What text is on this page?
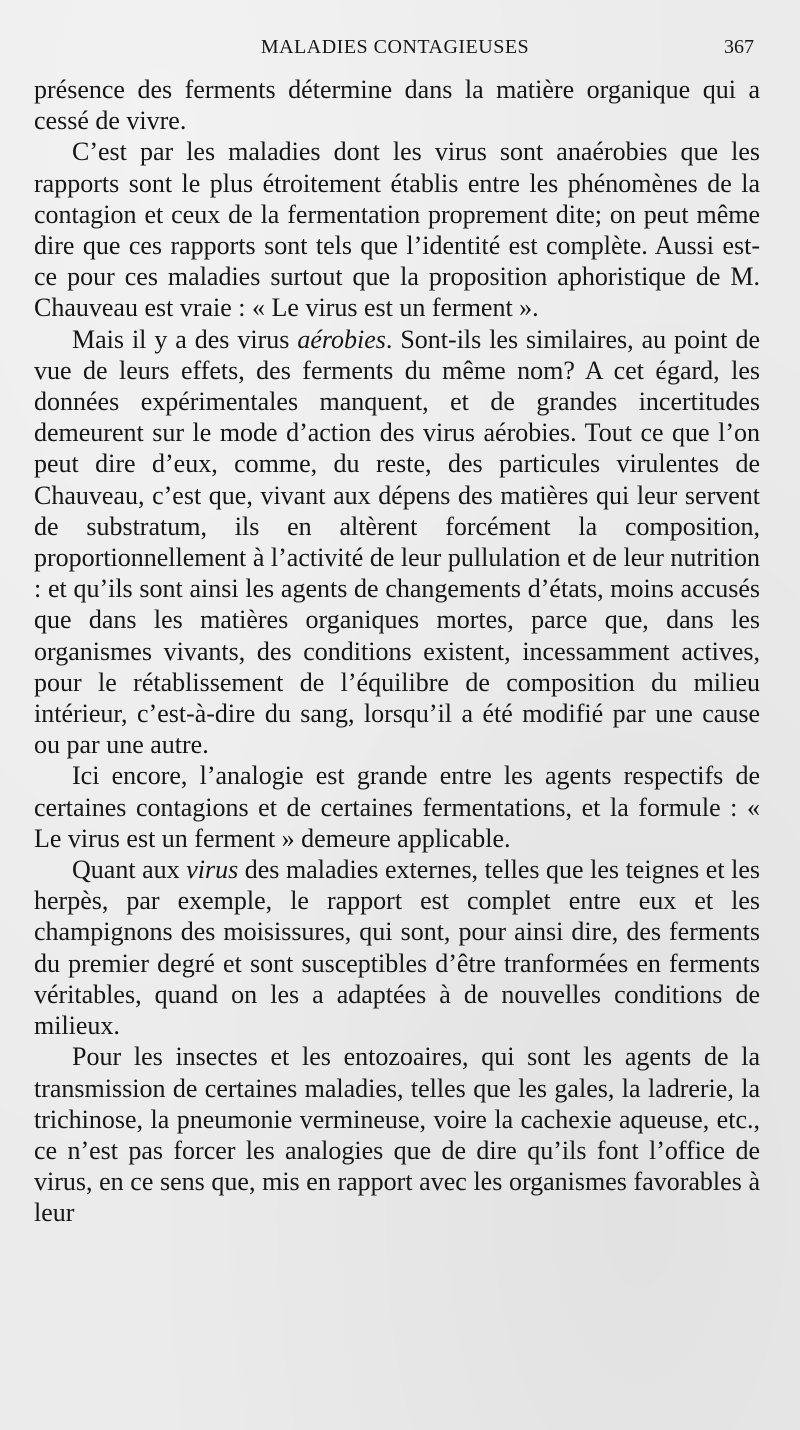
MALADIES CONTAGIEUSES	367

présence des ferments détermine dans la matière organique qui a cessé de vivre.

C’est par les maladies dont les virus sont anaérobies que les rapports sont le plus étroitement établis entre les phénomènes de la contagion et ceux de la fermentation proprement dite; on peut même dire que ces rapports sont tels que l’identité est complète. Aussi est-ce pour ces maladies surtout que la proposition aphoristique de M. Chauveau est vraie : « Le virus est un ferment ».

Mais il y a des virus aérobies. Sont-ils les similaires, au point de vue de leurs effets, des ferments du même nom? A cet égard, les données expérimentales manquent, et de grandes incertitudes demeurent sur le mode d’action des virus aérobies. Tout ce que l’on peut dire d’eux, comme, du reste, des particules virulentes de Chauveau, c’est que, vivant aux dépens des matières qui leur servent de substratum, ils en altèrent forcément la composition, proportionnellement à l’activité de leur pullulation et de leur nutrition : et qu’ils sont ainsi les agents de changements d’états, moins accusés que dans les matières organiques mortes, parce que, dans les organismes vivants, des conditions existent, incessamment actives, pour le rétablissement de l’équilibre de composition du milieu intérieur, c’est-à-dire du sang, lorsqu’il a été modifié par une cause ou par une autre.

Ici encore, l’analogie est grande entre les agents respectifs de certaines contagions et de certaines fermentations, et la formule : « Le virus est un ferment » demeure applicable.

Quant aux virus des maladies externes, telles que les teignes et les herpès, par exemple, le rapport est complet entre eux et les champignons des moisissures, qui sont, pour ainsi dire, des ferments du premier degré et sont susceptibles d’être tranformées en ferments véritables, quand on les a adaptées à de nouvelles conditions de milieux.

Pour les insectes et les entozoaires, qui sont les agents de la transmission de certaines maladies, telles que les gales, la ladrerie, la trichinose, la pneumonie vermineuse, voire la cachexie aqueuse, etc., ce n’est pas forcer les analogies que de dire qu’ils font l’office de virus, en ce sens que, mis en rapport avec les organismes favorables à leur
